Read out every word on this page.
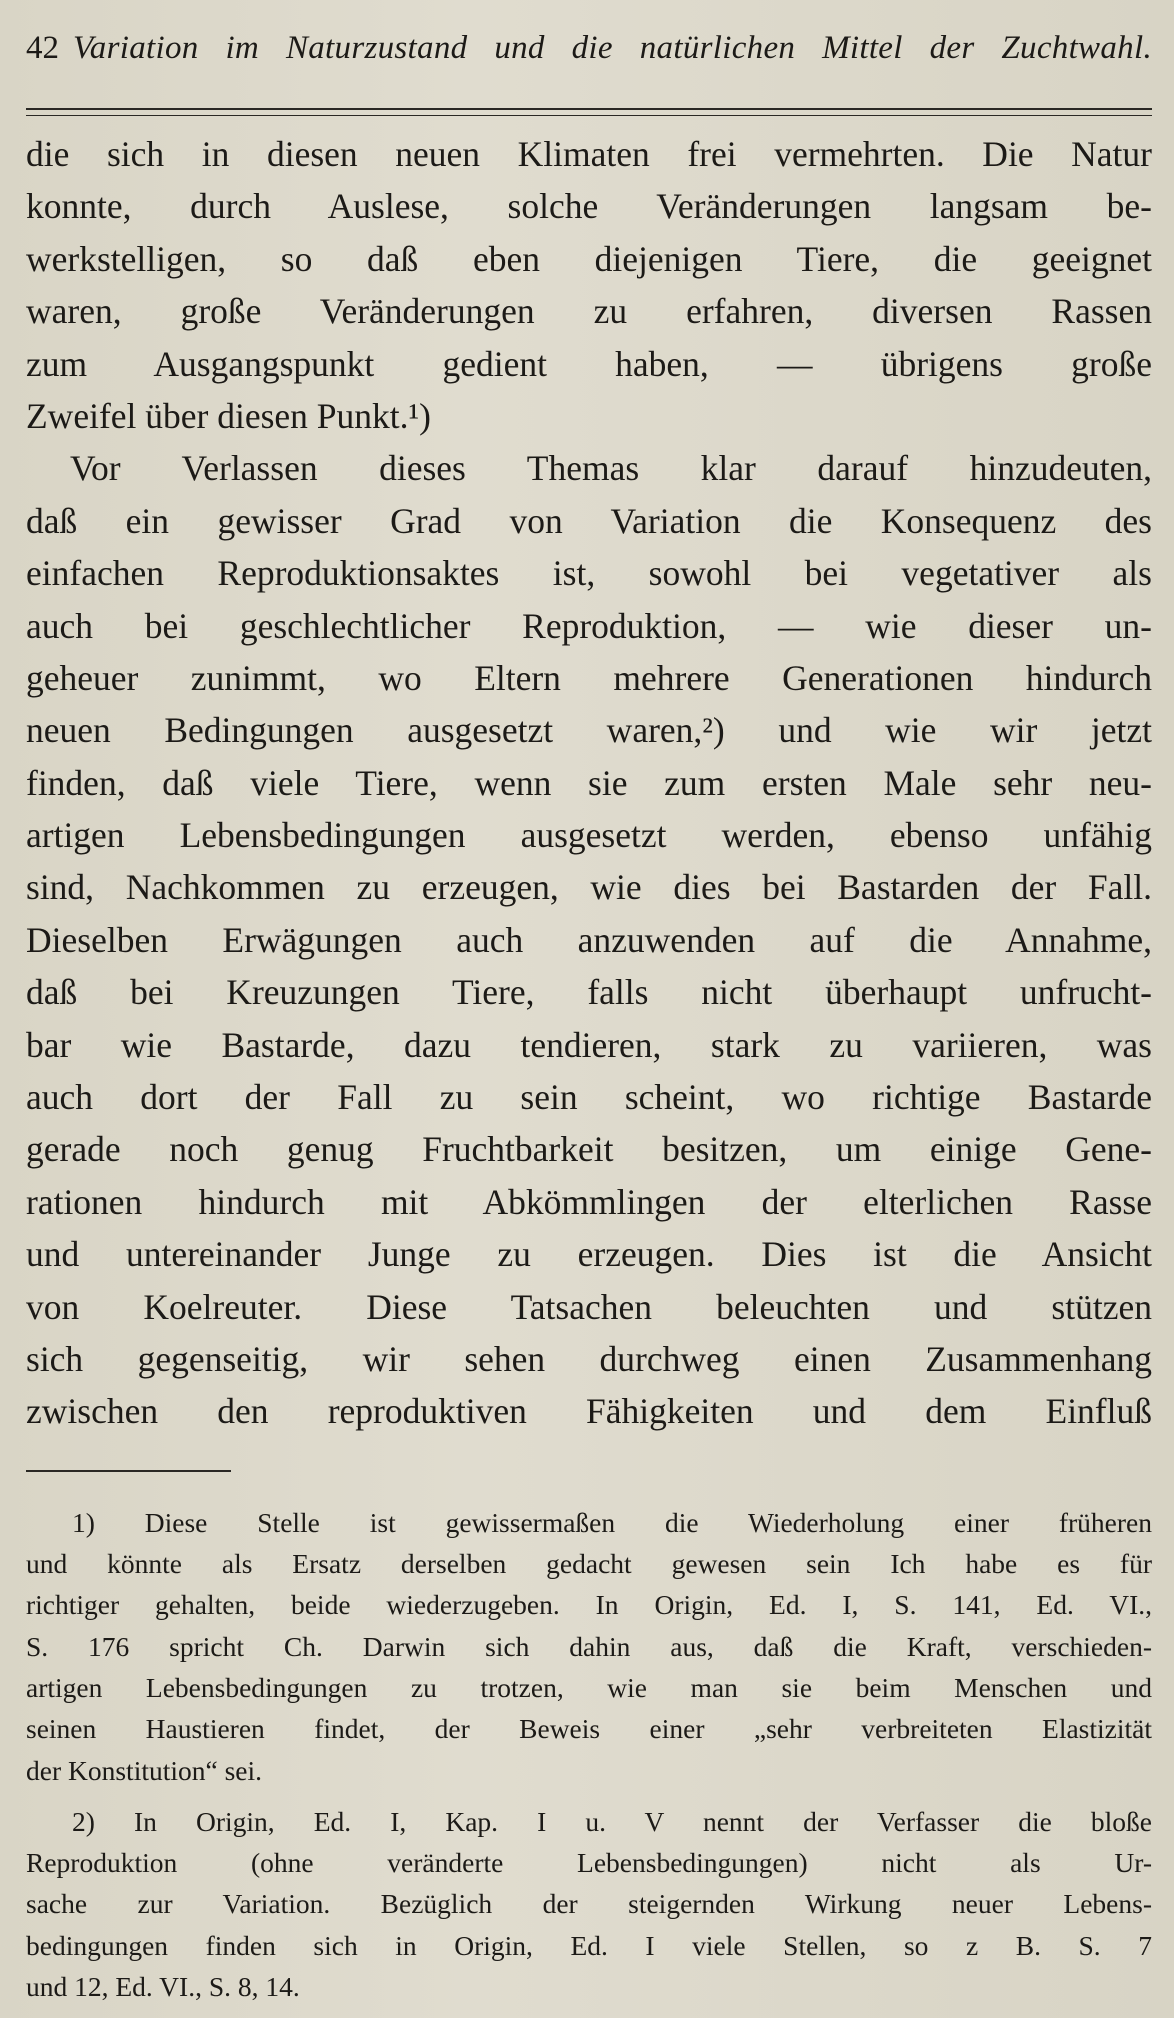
42 Variation im Naturzustand und die natürlichen Mittel der Zuchtwahl.
die sich in diesen neuen Klimaten frei vermehrten. Die Natur
konnte, durch Auslese, solche Veränderungen langsam be-
werkstelligen, so daß eben diejenigen Tiere, die geeignet
waren, große Veränderungen zu erfahren, diversen Rassen
zum Ausgangspunkt gedient haben, — übrigens große
Zweifel über diesen Punkt.¹)
Vor Verlassen dieses Themas klar darauf hinzudeuten,
daß ein gewisser Grad von Variation die Konsequenz des
einfachen Reproduktionsaktes ist, sowohl bei vegetativer als
auch bei geschlechtlicher Reproduktion, — wie dieser un-
geheuer zunimmt, wo Eltern mehrere Generationen hindurch
neuen Bedingungen ausgesetzt waren,²) und wie wir jetzt
finden, daß viele Tiere, wenn sie zum ersten Male sehr neu-
artigen Lebensbedingungen ausgesetzt werden, ebenso unfähig
sind, Nachkommen zu erzeugen, wie dies bei Bastarden der Fall.
Dieselben Erwägungen auch anzuwenden auf die Annahme,
daß bei Kreuzungen Tiere, falls nicht überhaupt unfrucht-
bar wie Bastarde, dazu tendieren, stark zu variieren, was
auch dort der Fall zu sein scheint, wo richtige Bastarde
gerade noch genug Fruchtbarkeit besitzen, um einige Gene-
rationen hindurch mit Abkömmlingen der elterlichen Rasse
und untereinander Junge zu erzeugen. Dies ist die Ansicht
von Koelreuter. Diese Tatsachen beleuchten und stützen
sich gegenseitig, wir sehen durchweg einen Zusammenhang
zwischen den reproduktiven Fähigkeiten und dem Einfluß
1) Diese Stelle ist gewissermaßen die Wiederholung einer früheren
und könnte als Ersatz derselben gedacht gewesen sein Ich habe es für
richtiger gehalten, beide wiederzugeben. In Origin, Ed. I, S. 141, Ed. VI.,
S. 176 spricht Ch. Darwin sich dahin aus, daß die Kraft, verschieden-
artigen Lebensbedingungen zu trotzen, wie man sie beim Menschen und
seinen Haustieren findet, der Beweis einer „sehr verbreiteten Elastizität
der Konstitution“ sei.
2) In Origin, Ed. I, Kap. I u. V nennt der Verfasser die bloße
Reproduktion (ohne veränderte Lebensbedingungen) nicht als Ur-
sache zur Variation. Bezüglich der steigernden Wirkung neuer Lebens-
bedingungen finden sich in Origin, Ed. I viele Stellen, so z B. S. 7
und 12, Ed. VI., S. 8, 14.
